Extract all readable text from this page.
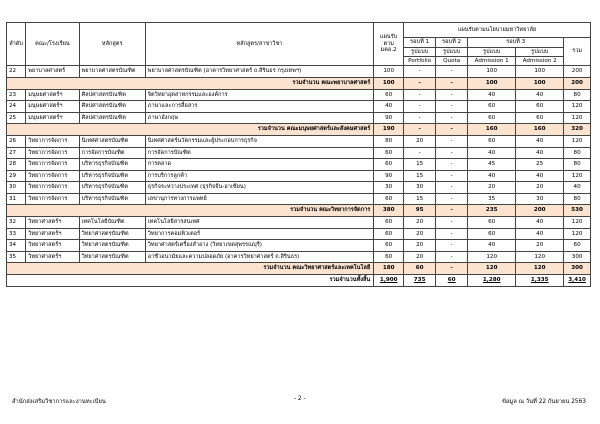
ลำดับ	คณะ/โรงเรียน	หลักสูตร	หลักสูตร/สาขาวิชา	แผนรับ
ตาม
มคอ.2	แผนรับตามนโยบายมหาวิทยาลัย				
					รอบที่ 1	รอบที่ 2	รอบที่ 3		รวม
					รูปแบบ	รูปแบบ	รูปแบบ	รูปแบบ	
					Portfolio	Quota	Admission 1	Admission 2	
22	พยาบาลศาสตร์	พยาบาลศาสตรบัณฑิต	พยาบาลศาสตรบัณฑิต (อาคารวิทยาศาสตร์ ถ.สิรินธร กรุงเทพฯ)	100	-	-	100	100	200
รวมจำนวน คณะพยาบาลศาสตร์				100	-	-	100	100	200
23	มนุษยศาสตร์ฯ	ศิลปศาสตรบัณฑิต	จิตวิทยาอุตสาหกรรมและองค์การ	60	-	-	40	40	80
24	มนุษยศาสตร์ฯ	ศิลปศาสตรบัณฑิต	ภาษาและการสื่อสาร	40	-	-	60	60	120
25	มนุษยศาสตร์ฯ	ศิลปศาสตรบัณฑิต	ภาษาอังกฤษ	90	-	-	60	60	120
รวมจำนวน คณะมนุษยศาสตร์และสังคมศาสตร์				190	-	-	160	160	320
26	วิทยาการจัดการ	นิเทศศาสตรบัณฑิต	นิเทศศาสตร์นวัตกรรมและผู้ประกอบการธุรกิจ	80	20	-	60	40	120
27	วิทยาการจัดการ	การจัดการบัณฑิต	การจัดการบัณฑิต	60	-	-	40	40	80
28	วิทยาการจัดการ	บริหารธุรกิจบัณฑิต	การตลาด	60	15	-	45	25	80
29	วิทยาการจัดการ	บริหารธุรกิจบัณฑิต	การบริการลูกค้า	90	15	-	40	40	120
30	วิทยาการจัดการ	บริหารธุรกิจบัณฑิต	ธุรกิจระหว่างประเทศ (ธุรกิจจีน-อาเซียน)	30	30	-	20	20	40
31	วิทยาการจัดการ	บริหารธุรกิจบัณฑิต	เลขานุการทางการแพทย์	60	15	-	35	30	80
รวมจำนวน คณะวิทยาการจัดการ				380	95	-	235	200	530
32	วิทยาศาสตร์ฯ	เทคโนโลยีบัณฑิต	เทคโนโลยีสารสนเทศ	60	20	-	60	40	120
33	วิทยาศาสตร์ฯ	วิทยาศาสตรบัณฑิต	วิทยาการคอมพิวเตอร์	60	20	-	60	40	120
34	วิทยาศาสตร์ฯ	วิทยาศาสตรบัณฑิต	วิทยาศาสตร์เครื่องสำอาง (วิทยาเขตสุพรรณบุรี)	60	20	-	40	20	60
35	วิทยาศาสตร์ฯ	วิทยาศาสตรบัณฑิต	อาชีวอนามัยและความปลอดภัย (อาคารวิทยาศาสตร์ ถ.สิรินธร)	60	20	-	120	120	300
รวมจำนวน คณะวิทยาศาสตร์และเทคโนโลยี				180	60	-	120	120	300
รวมจำนวนทั้งสิ้น				1,900	735	60	1,280	1,335	3,410
สำนักส่งเสริมวิชาการและงานทะเบียน	- 2 -	ข้อมูล ณ วันที่ 22 กันยายน 2563
